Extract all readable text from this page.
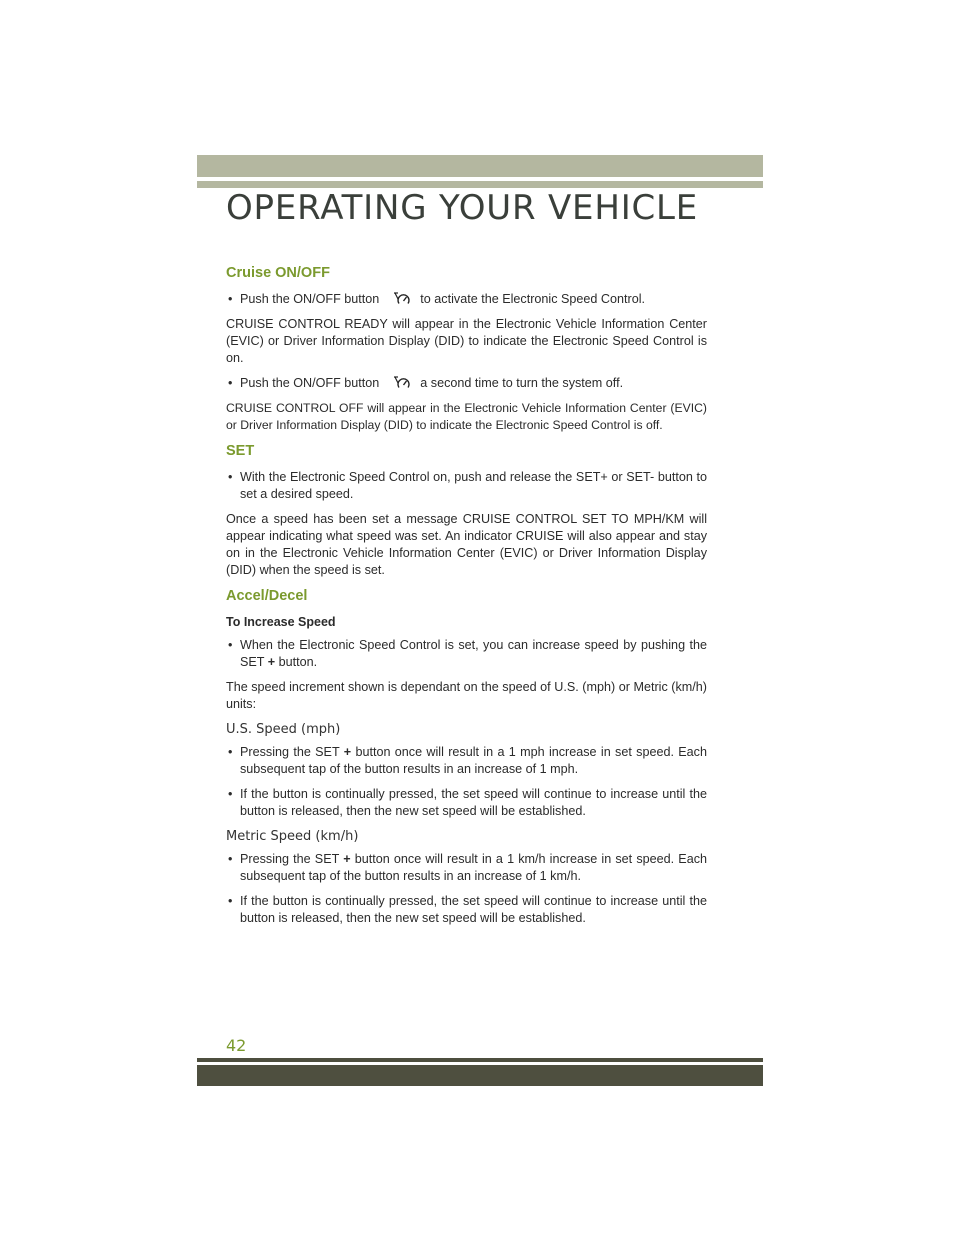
OPERATING YOUR VEHICLE
Cruise ON/OFF
• Push the ON/OFF button	to activate the Electronic Speed Control.

CRUISE CONTROL READY will appear in the Electronic Vehicle Information Center (EVIC) or Driver Information Display (DID) to indicate the Electronic Speed Control is on.

• Push the ON/OFF button	a second time to turn the system off.

CRUISE CONTROL OFF will appear in the Electronic Vehicle Information Center (EVIC) or Driver Information Display (DID) to indicate the Electronic Speed Control is off.

SET
• With the Electronic Speed Control on, push and release the SET+ or SET- button to set a desired speed.

Once a speed has been set a message CRUISE CONTROL SET TO MPH/KM will appear indicating what speed was set. An indicator CRUISE will also appear and stay on in the Electronic Vehicle Information Center (EVIC) or Driver Information Display (DID) when the speed is set.

Accel/Decel
To Increase Speed
• When the Electronic Speed Control is set, you can increase speed by pushing the SET + button.

The speed increment shown is dependant on the speed of U.S. (mph) or Metric (km/h) units:

U.S. Speed (mph)
• Pressing the SET + button once will result in a 1 mph increase in set speed. Each subsequent tap of the button results in an increase of 1 mph.
• If the button is continually pressed, the set speed will continue to increase until the button is released, then the new set speed will be established.
Metric Speed (km/h)
• Pressing the SET + button once will result in a 1 km/h increase in set speed. Each subsequent tap of the button results in an increase of 1 km/h.
• If the button is continually pressed, the set speed will continue to increase until the button is released, then the new set speed will be established.
42
